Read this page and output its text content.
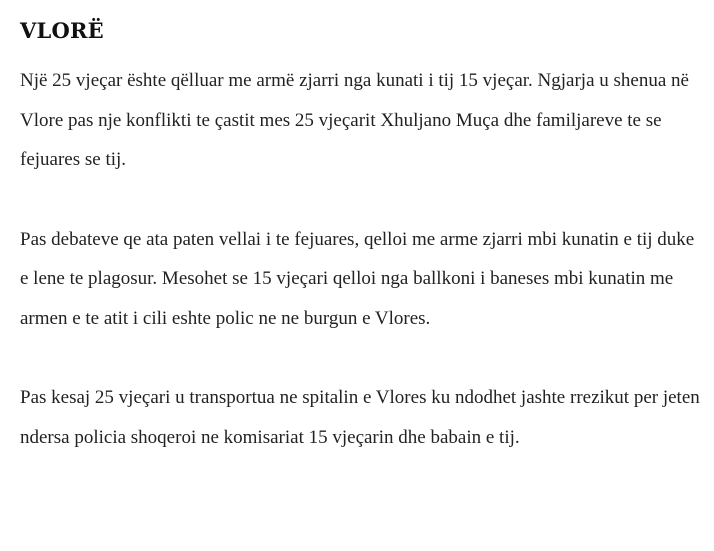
VLORË

Një 25 vjeçar ështe qëlluar me armë zjarri nga kunati i tij 15 vjeçar. Ngjarja u shenua në Vlore pas nje konflikti te çastit mes 25 vjeçarit Xhuljano Muça dhe familjareve te se fejuares se tij.

Pas debateve qe ata paten vellai i te fejuares, qelloi me arme zjarri mbi kunatin e tij duke e lene te plagosur. Mesohet se 15 vjeçari qelloi nga ballkoni i baneses mbi kunatin me armen e te atit i cili eshte polic ne ne burgun e Vlores.

Pas kesaj 25 vjeçari u transportua ne spitalin e Vlores ku ndodhet jashte rrezikut per jeten ndersa policia shoqeroi ne komisariat 15 vjeçarin dhe babain e tij.
